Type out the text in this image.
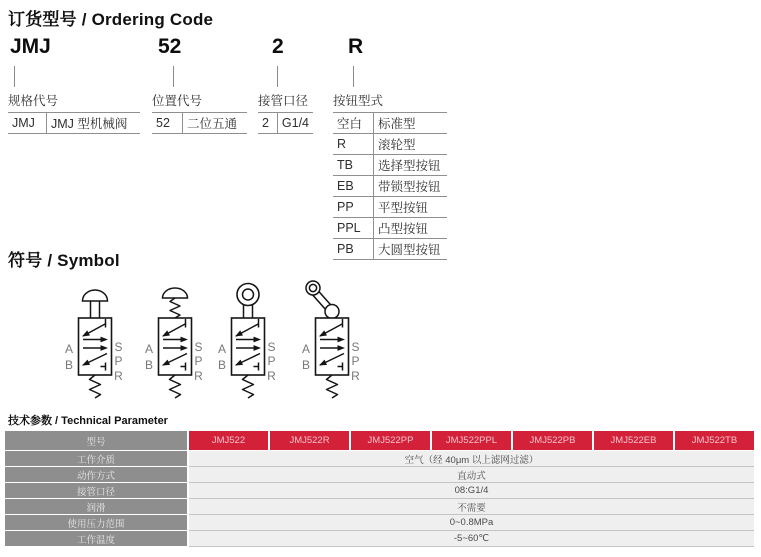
订货型号 / Ordering Code
JMJ
规格代号
JMJ	JMJ 型机械阀
52
位置代号
52	二位五通
2
接管口径
2	G1/4
R
按钮型式
空白	标准型
R	滚轮型
TB	选择型按钮
EB	带锁型按钮
PP	平型按钮
PPL	凸型按钮
PB	大圆型按钮
符号 / Symbol
A
B
S
P
R
A
B
S
P
R
A
B
S
P
R
A
B
S
P
R
技术参数 / Technical Parameter
型号	JMJ522	JMJ522R	JMJ522PP	JMJ522PPL	JMJ522PB	JMJ522EB	JMJ522TB
工作介质	空气（经 40μm 以上滤网过滤）
动作方式	直动式
接管口径	08:G1/4
润滑	不需要
使用压力范围	0~0.8MPa
工作温度	-5~60℃
